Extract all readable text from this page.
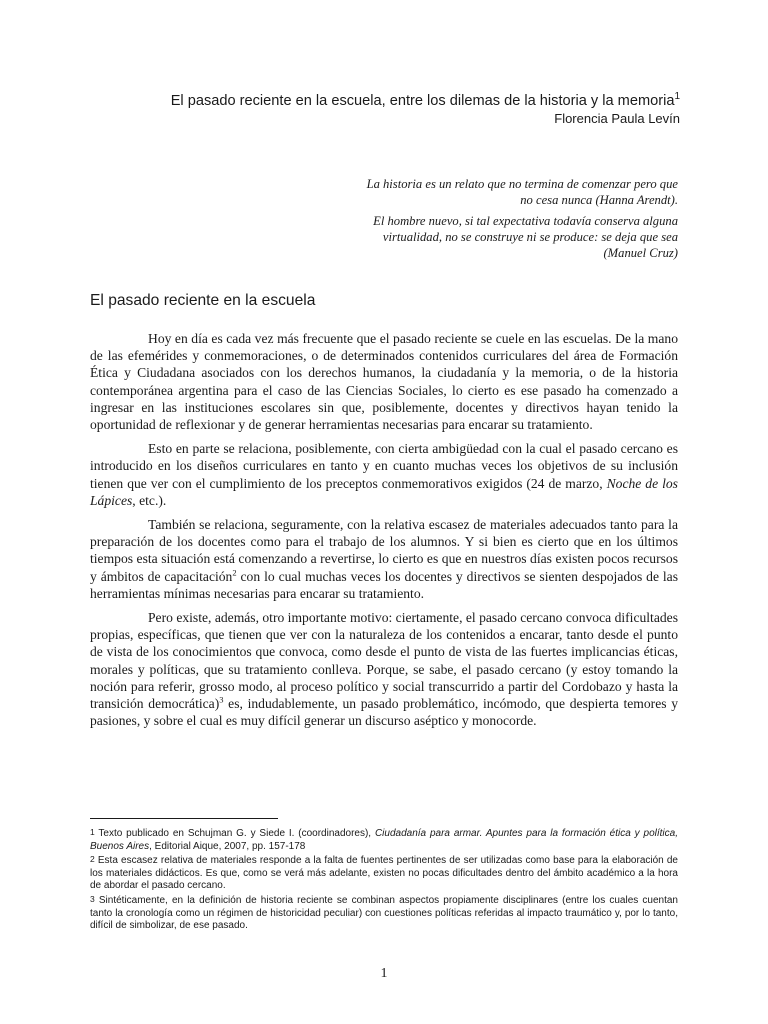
El pasado reciente en la escuela, entre los dilemas de la historia y la memoria$^1$
Florencia Paula Levín

La historia es un relato que no termina de comenzar pero que no cesa nunca (Hanna Arendt).

El hombre nuevo, si tal expectativa todavía conserva alguna virtualidad, no se construye ni se produce: se deja que sea (Manuel Cruz)

El pasado reciente en la escuela

Hoy en día es cada vez más frecuente que el pasado reciente se cuele en las escuelas. De la mano de las efemérides y conmemoraciones, o de determinados contenidos curriculares del área de Formación Ética y Ciudadana asociados con los derechos humanos, la ciudadanía y la memoria, o de la historia contemporánea argentina para el caso de las Ciencias Sociales, lo cierto es ese pasado ha comenzado a ingresar en las instituciones escolares sin que, posiblemente, docentes y directivos hayan tenido la oportunidad de reflexionar y de generar herramientas necesarias para encarar su tratamiento.

Esto en parte se relaciona, posiblemente, con cierta ambigüedad con la cual el pasado cercano es introducido en los diseños curriculares en tanto y en cuanto muchas veces los objetivos de su inclusión tienen que ver con el cumplimiento de los preceptos conmemorativos exigidos (24 de marzo, Noche de los Lápices, etc.).

También se relaciona, seguramente, con la relativa escasez de materiales adecuados tanto para la preparación de los docentes como para el trabajo de los alumnos. Y si bien es cierto que en los últimos tiempos esta situación está comenzando a revertirse, lo cierto es que en nuestros días existen pocos recursos y ámbitos de capacitación$^2$ con lo cual muchas veces los docentes y directivos se sienten despojados de las herramientas mínimas necesarias para encarar su tratamiento.

Pero existe, además, otro importante motivo: ciertamente, el pasado cercano convoca dificultades propias, específicas, que tienen que ver con la naturaleza de los contenidos a encarar, tanto desde el punto de vista de los conocimientos que convoca, como desde el punto de vista de las fuertes implicancias éticas, morales y políticas, que su tratamiento conlleva. Porque, se sabe, el pasado cercano (y estoy tomando la noción para referir, grosso modo, al proceso político y social transcurrido a partir del Cordobazo y hasta la transición democrática)$^3$ es, indudablemente, un pasado problemático, incómodo, que despierta temores y pasiones, y sobre el cual es muy difícil generar un discurso aséptico y monocorde.

1 Texto publicado en Schujman G. y Siede I. (coordinadores), Ciudadanía para armar. Apuntes para la formación ética y política, Buenos Aires, Editorial Aique, 2007, pp. 157-178

2 Esta escasez relativa de materiales responde a la falta de fuentes pertinentes de ser utilizadas como base para la elaboración de los materiales didácticos. Es que, como se verá más adelante, existen no pocas dificultades dentro del ámbito académico a la hora de abordar el pasado cercano.

3 Sintéticamente, en la definición de historia reciente se combinan aspectos propiamente disciplinares (entre los cuales cuentan tanto la cronología como un régimen de historicidad peculiar) con cuestiones políticas referidas al impacto traumático y, por lo tanto, difícil de simbolizar, de ese pasado.

1
